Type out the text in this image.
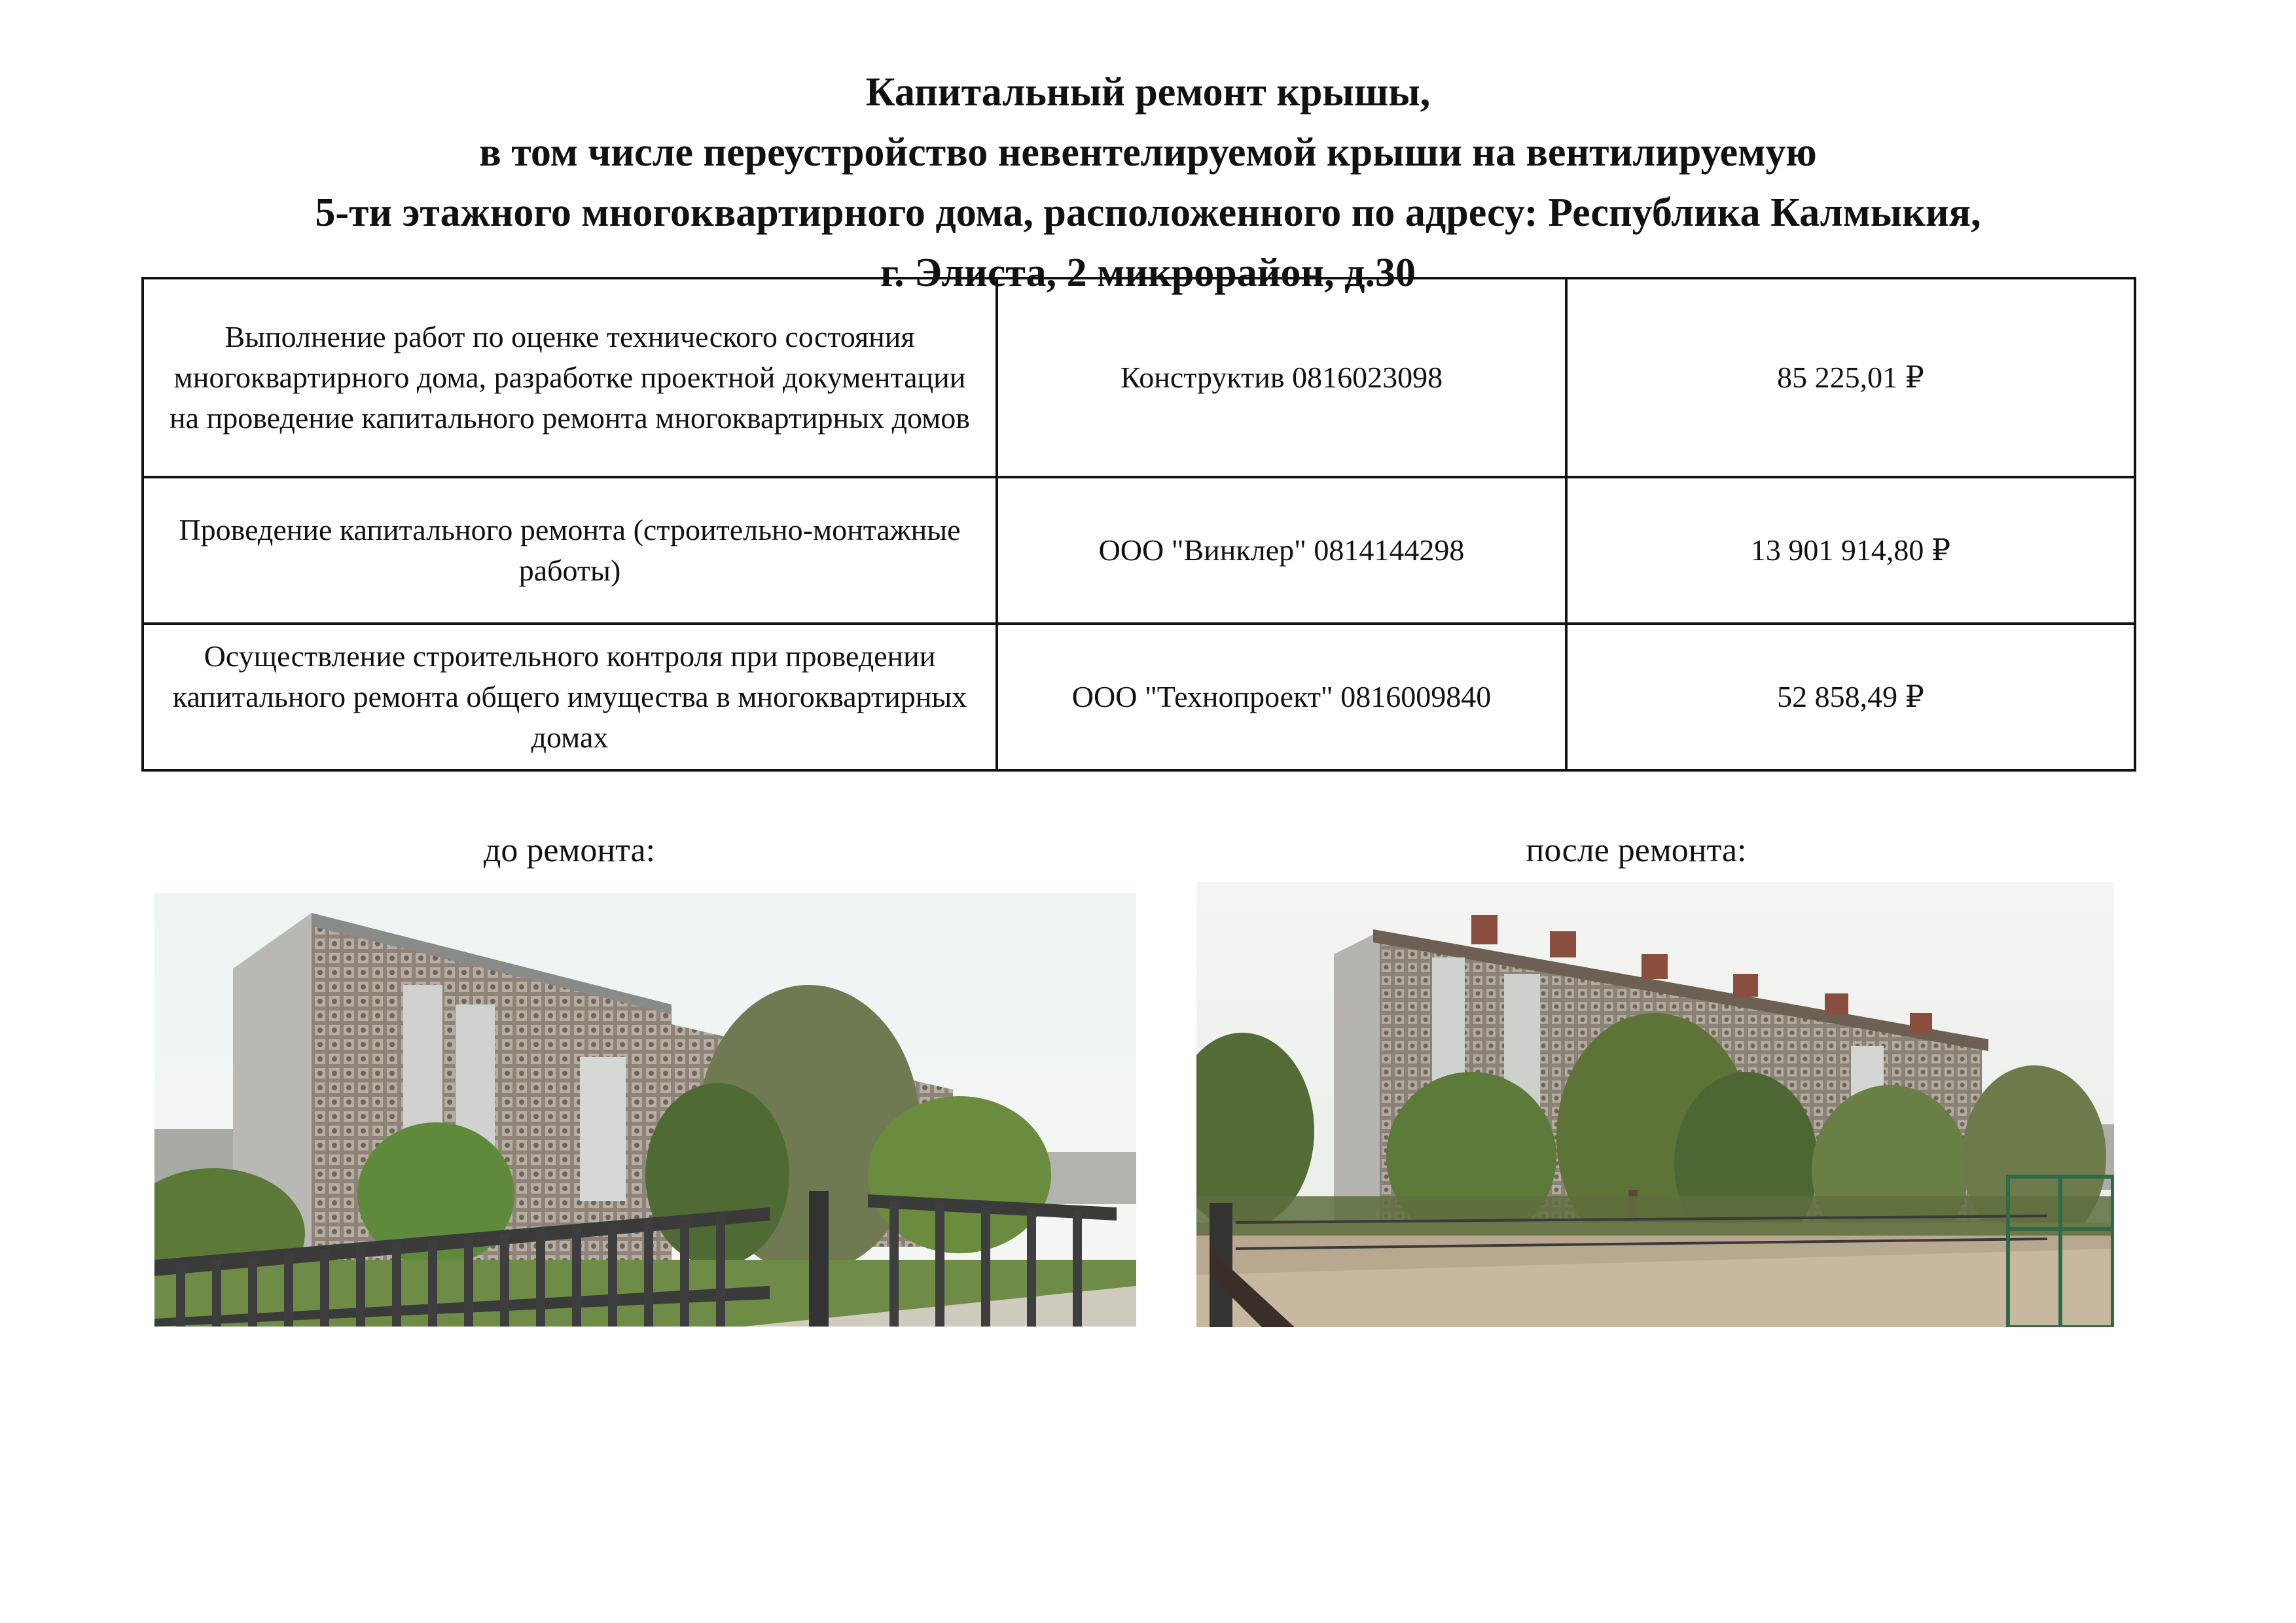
Капитальный ремонт крышы,
в том числе переустройство невентелируемой крыши на вентилируемую
5-ти этажного многоквартирного дома, расположенного по адресу: Республика Калмыкия,
г. Элиста, 2 микрорайон, д.30
Выполнение работ по оценке технического состояния многоквартирного дома, разработке проектной документации на проведение капитального ремонта многоквартирных домов	Конструктив 0816023098	85 225,01 ₽
Проведение капитального ремонта (строительно-монтажные работы)	ООО "Винклер" 0814144298	13 901 914,80 ₽
Осуществление строительного контроля при проведении капитального ремонта общего имущества в многоквартирных домах	ООО "Технопроект" 0816009840	52 858,49 ₽
до ремонта:	после ремонта:
